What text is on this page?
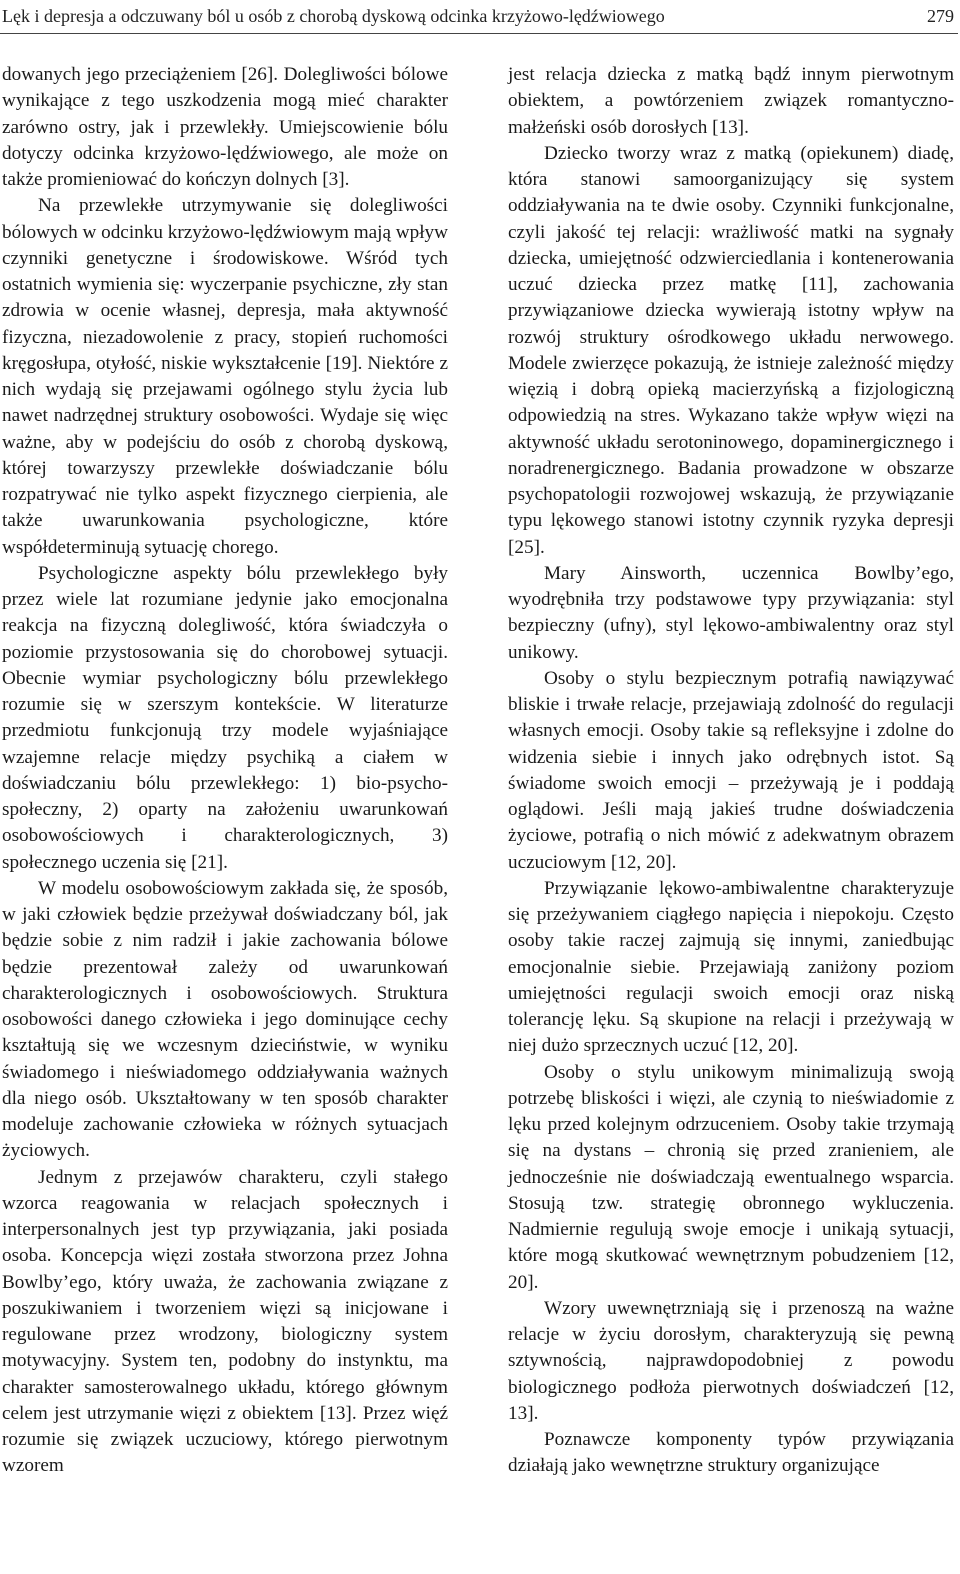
Lęk i depresja a odczuwany ból u osób z chorobą dyskową odcinka krzyżowo-lędźwiowego	279

dowanych jego przeciążeniem [26]. Dolegliwości bólowe wynikające z tego uszkodzenia mogą mieć charakter zarówno ostry, jak i przewlekły. Umiejscowienie bólu dotyczy odcinka krzyżowo-lędźwiowego, ale może on także promieniować do kończyn dolnych [3].

Na przewlekłe utrzymywanie się dolegliwości bólowych w odcinku krzyżowo-lędźwiowym mają wpływ czynniki genetyczne i środowiskowe. Wśród tych ostatnich wymienia się: wyczerpanie psychiczne, zły stan zdrowia w ocenie własnej, depresja, mała aktywność fizyczna, niezadowolenie z pracy, stopień ruchomości kręgosłupa, otyłość, niskie wykształcenie [19]. Niektóre z nich wydają się przejawami ogólnego stylu życia lub nawet nadrzędnej struktury osobowości. Wydaje się więc ważne, aby w podejściu do osób z chorobą dyskową, której towarzyszy przewlekłe doświadczanie bólu rozpatrywać nie tylko aspekt fizycznego cierpienia, ale także uwarunkowania psychologiczne, które współdeterminują sytuację chorego.

Psychologiczne aspekty bólu przewlekłego były przez wiele lat rozumiane jedynie jako emocjonalna reakcja na fizyczną dolegliwość, która świadczyła o poziomie przystosowania się do chorobowej sytuacji. Obecnie wymiar psychologiczny bólu przewlekłego rozumie się w szerszym kontekście. W literaturze przedmiotu funkcjonują trzy modele wyjaśniające wzajemne relacje między psychiką a ciałem w doświadczaniu bólu przewlekłego: 1) bio-psycho-społeczny, 2) oparty na założeniu uwarunkowań osobowościowych i charakterologicznych, 3) społecznego uczenia się [21].

W modelu osobowościowym zakłada się, że sposób, w jaki człowiek będzie przeżywał doświadczany ból, jak będzie sobie z nim radził i jakie zachowania bólowe będzie prezentował zależy od uwarunkowań charakterologicznych i osobowościowych. Struktura osobowości danego człowieka i jego dominujące cechy kształtują się we wczesnym dzieciństwie, w wyniku świadomego i nieświadomego oddziaływania ważnych dla niego osób. Ukształtowany w ten sposób charakter modeluje zachowanie człowieka w różnych sytuacjach życiowych.

Jednym z przejawów charakteru, czyli stałego wzorca reagowania w relacjach społecznych i interpersonalnych jest typ przywiązania, jaki posiada osoba. Koncepcja więzi została stworzona przez Johna Bowlby’ego, który uważa, że zachowania związane z poszukiwaniem i tworzeniem więzi są inicjowane i regulowane przez wrodzony, biologiczny system motywacyjny. System ten, podobny do instynktu, ma charakter samosterowalnego układu, którego głównym celem jest utrzymanie więzi z obiektem [13]. Przez więź rozumie się związek uczuciowy, którego pierwotnym wzorem

jest relacja dziecka z matką bądź innym pierwotnym obiektem, a powtórzeniem związek romantyczno-małżeński osób dorosłych [13].

Dziecko tworzy wraz z matką (opiekunem) diadę, która stanowi samoorganizujący się system oddziaływania na te dwie osoby. Czynniki funkcjonalne, czyli jakość tej relacji: wrażliwość matki na sygnały dziecka, umiejętność odzwierciedlania i kontenerowania uczuć dziecka przez matkę [11], zachowania przywiązaniowe dziecka wywierają istotny wpływ na rozwój struktury ośrodkowego układu nerwowego. Modele zwierzęce pokazują, że istnieje zależność między więzią i dobrą opieką macierzyńską a fizjologiczną odpowiedzią na stres. Wykazano także wpływ więzi na aktywność układu serotoninowego, dopaminergicznego i noradrenergicznego. Badania prowadzone w obszarze psychopatologii rozwojowej wskazują, że przywiązanie typu lękowego stanowi istotny czynnik ryzyka depresji [25].

Mary Ainsworth, uczennica Bowlby’ego, wyodrębniła trzy podstawowe typy przywiązania: styl bezpieczny (ufny), styl lękowo-ambiwalentny oraz styl unikowy.

Osoby o stylu bezpiecznym potrafią nawiązywać bliskie i trwałe relacje, przejawiają zdolność do regulacji własnych emocji. Osoby takie są refleksyjne i zdolne do widzenia siebie i innych jako odrębnych istot. Są świadome swoich emocji – przeżywają je i poddają oglądowi. Jeśli mają jakieś trudne doświadczenia życiowe, potrafią o nich mówić z adekwatnym obrazem uczuciowym [12, 20].

Przywiązanie lękowo-ambiwalentne charakteryzuje się przeżywaniem ciągłego napięcia i niepokoju. Często osoby takie raczej zajmują się innymi, zaniedbując emocjonalnie siebie. Przejawiają zaniżony poziom umiejętności regulacji swoich emocji oraz niską tolerancję lęku. Są skupione na relacji i przeżywają w niej dużo sprzecznych uczuć [12, 20].

Osoby o stylu unikowym minimalizują swoją potrzebę bliskości i więzi, ale czynią to nieświadomie z lęku przed kolejnym odrzuceniem. Osoby takie trzymają się na dystans – chronią się przed zranieniem, ale jednocześnie nie doświadczają ewentualnego wsparcia. Stosują tzw. strategię obronnego wykluczenia. Nadmiernie regulują swoje emocje i unikają sytuacji, które mogą skutkować wewnętrznym pobudzeniem [12, 20].

Wzory uwewnętrzniają się i przenoszą na ważne relacje w życiu dorosłym, charakteryzują się pewną sztywnością, najprawdopodobniej z powodu biologicznego podłoża pierwotnych doświadczeń [12, 13].

Poznawcze komponenty typów przywiązania działają jako wewnętrzne struktury organizujące
